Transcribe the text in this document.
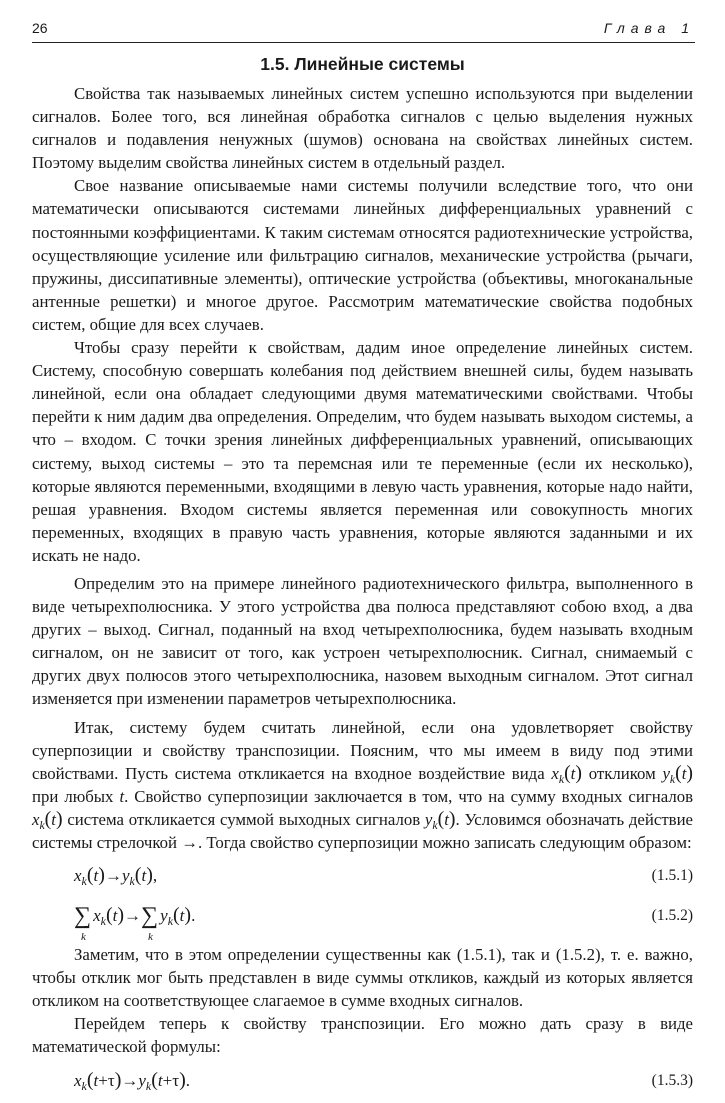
26	Глава 1
1.5. Линейные системы

Свойства так называемых линейных систем успешно используются при выделении сигналов. Более того, вся линейная обработка сигналов с целью выделения нужных сигналов и подавления ненужных (шумов) основана на свойствах линейных систем. Поэтому выделим свойства линейных систем в отдельный раздел.

Свое название описываемые нами системы получили вследствие того, что они математически описываются системами линейных дифференциальных уравнений с постоянными коэффициентами. К таким системам относятся радиотехнические устройства, осуществляющие усиление или фильтрацию сигналов, механические устройства (рычаги, пружины, диссипативные элементы), оптические устройства (объективы, многоканальные антенные решетки) и многое другое. Рассмотрим математические свойства подобных систем, общие для всех случаев.

Чтобы сразу перейти к свойствам, дадим иное определение линейных систем. Систему, способную совершать колебания под действием внешней силы, будем называть линейной, если она обладает следующими двумя математическими свойствами. Чтобы перейти к ним дадим два определения. Определим, что будем называть выходом системы, а что – входом. С точки зрения линейных дифференциальных уравнений, описывающих систему, выход системы – это та перемсная или те переменные (если их несколько), которые являются переменными, входящими в левую часть уравнения, которые надо найти, решая уравнения. Входом системы является переменная или совокупность многих переменных, входящих в правую часть уравнения, которые являются заданными и их искать не надо.

Определим это на примере линейного радиотехнического фильтра, выполненного в виде четырехполюсника. У этого устройства два полюса представляют собою вход, а два других – выход. Сигнал, поданный на вход четырехполюсника, будем называть входным сигналом, он не зависит от того, как устроен четырехполюсник. Сигнал, снимаемый с других двух полюсов этого четырехполюсника, назовем выходным сигналом. Этот сигнал изменяется при изменении параметров четырехполюсника.

Итак, систему будем считать линейной, если она удовлетворяет свойству суперпозиции и свойству транспозиции. Поясним, что мы имеем в виду под этими свойствами. Пусть система откликается на входное воздействие вида $x_k(t)$ откликом $y_k(t)$ при любых t. Свойство суперпозиции заключается в том, что на сумму входных сигналов $x_k(t)$ система откликается суммой выходных сигналов $y_k(t)$. Условимся обозначать действие системы стрелочкой →. Тогда свойство суперпозиции можно записать следующим образом:

$x_k(t)\to y_k(t)$,	(1.5.1)
∑
k
$x_k(t)\to\sum$
k
$y_k(t)$.	(1.5.2)

Заметим, что в этом определении существенны как (1.5.1), так и (1.5.2), т. е. важно, чтобы отклик мог быть представлен в виде суммы откликов, каждый из которых является откликом на соответствующее слагаемое в сумме входных сигналов.

Перейдем теперь к свойству транспозиции. Его можно дать сразу в виде математической формулы:

$x_k(t+\tau)\to y_k(t+\tau)$.	(1.5.3)
